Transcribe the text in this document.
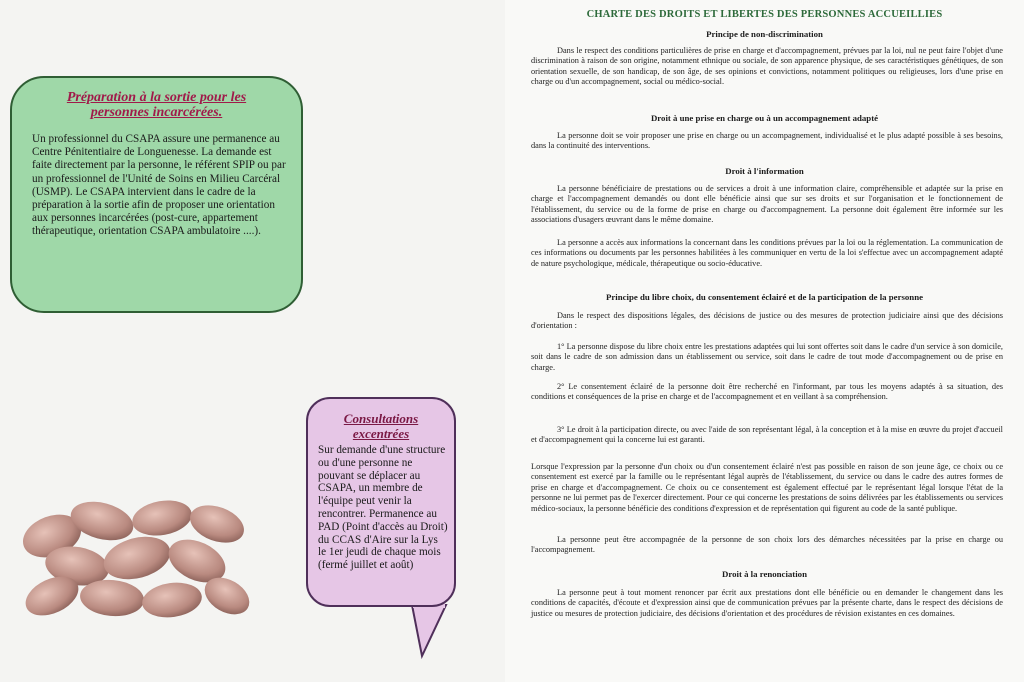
Préparation à la sortie pour les personnes incarcérées.
Un professionnel du CSAPA assure une permanence au Centre Pénitentiaire de Longuenesse. La demande est faite directement par la personne, le référent SPIP ou par un professionnel de l'Unité de Soins en Milieu Carcéral (USMP). Le CSAPA intervient dans le cadre de la préparation à la sortie afin de proposer une orientation aux personnes incarcérées (post-cure, appartement thérapeutique, orientation CSAPA ambulatoire ....).
Consultations excentrées
Sur demande d'une structure ou d'une personne ne pouvant se déplacer au CSAPA, un membre de l'équipe peut venir la rencontrer. Permanence au PAD (Point d'accès au Droit) du CCAS d'Aire sur la Lys le 1er jeudi de chaque mois (fermé juillet et août)
CHARTE DES DROITS ET LIBERTES DES PERSONNES ACCUEILLIES
Principe de non-discrimination
Dans le respect des conditions particulières de prise en charge et d'accompagnement, prévues par la loi, nul ne peut faire l'objet d'une discrimination à raison de son origine, notamment ethnique ou sociale, de son apparence physique, de ses caractéristiques génétiques, de son orientation sexuelle, de son handicap, de son âge, de ses opinions et convictions, notamment politiques ou religieuses, lors d'une prise en charge ou d'un accompagnement, social ou médico-social.
Droit à une prise en charge ou à un accompagnement adapté
La personne doit se voir proposer une prise en charge ou un accompagnement, individualisé et le plus adapté possible à ses besoins, dans la continuité des interventions.
Droit à l'information
La personne bénéficiaire de prestations ou de services a droit à une information claire, compréhensible et adaptée sur la prise en charge et l'accompagnement demandés ou dont elle bénéficie ainsi que sur ses droits et sur l'organisation et le fonctionnement de l'établissement, du service ou de la forme de prise en charge ou d'accompagnement. La personne doit également être informée sur les associations d'usagers œuvrant dans le même domaine.
La personne a accès aux informations la concernant dans les conditions prévues par la loi ou la réglementation. La communication de ces informations ou documents par les personnes habilitées à les communiquer en vertu de la loi s'effectue avec un accompagnement adapté de nature psychologique, médicale, thérapeutique ou socio-éducative.
Principe du libre choix, du consentement éclairé et de la participation de la personne
Dans le respect des dispositions légales, des décisions de justice ou des mesures de protection judiciaire ainsi que des décisions d'orientation :
1° La personne dispose du libre choix entre les prestations adaptées qui lui sont offertes soit dans le cadre d'un service à son domicile, soit dans le cadre de son admission dans un établissement ou service, soit dans le cadre de tout mode d'accompagnement ou de prise en charge.
2° Le consentement éclairé de la personne doit être recherché en l'informant, par tous les moyens adaptés à sa situation, des conditions et conséquences de la prise en charge et de l'accompagnement et en veillant à sa compréhension.
3° Le droit à la participation directe, ou avec l'aide de son représentant légal, à la conception et à la mise en œuvre du projet d'accueil et d'accompagnement qui la concerne lui est garanti.
Lorsque l'expression par la personne d'un choix ou d'un consentement éclairé n'est pas possible en raison de son jeune âge, ce choix ou ce consentement est exercé par la famille ou le représentant légal auprès de l'établissement, du service ou dans le cadre des autres formes de prise en charge et d'accompagnement. Ce choix ou ce consentement est également effectué par le représentant légal lorsque l'état de la personne ne lui permet pas de l'exercer directement. Pour ce qui concerne les prestations de soins délivrées par les établissements ou services médico-sociaux, la personne bénéficie des conditions d'expression et de représentation qui figurent au code de la santé publique.
La personne peut être accompagnée de la personne de son choix lors des démarches nécessitées par la prise en charge ou l'accompagnement.
Droit à la renonciation
La personne peut à tout moment renoncer par écrit aux prestations dont elle bénéficie ou en demander le changement dans les conditions de capacités, d'écoute et d'expression ainsi que de communication prévues par la présente charte, dans le respect des décisions de justice ou mesures de protection judiciaire, des décisions d'orientation et des procédures de révision existantes en ces domaines.
